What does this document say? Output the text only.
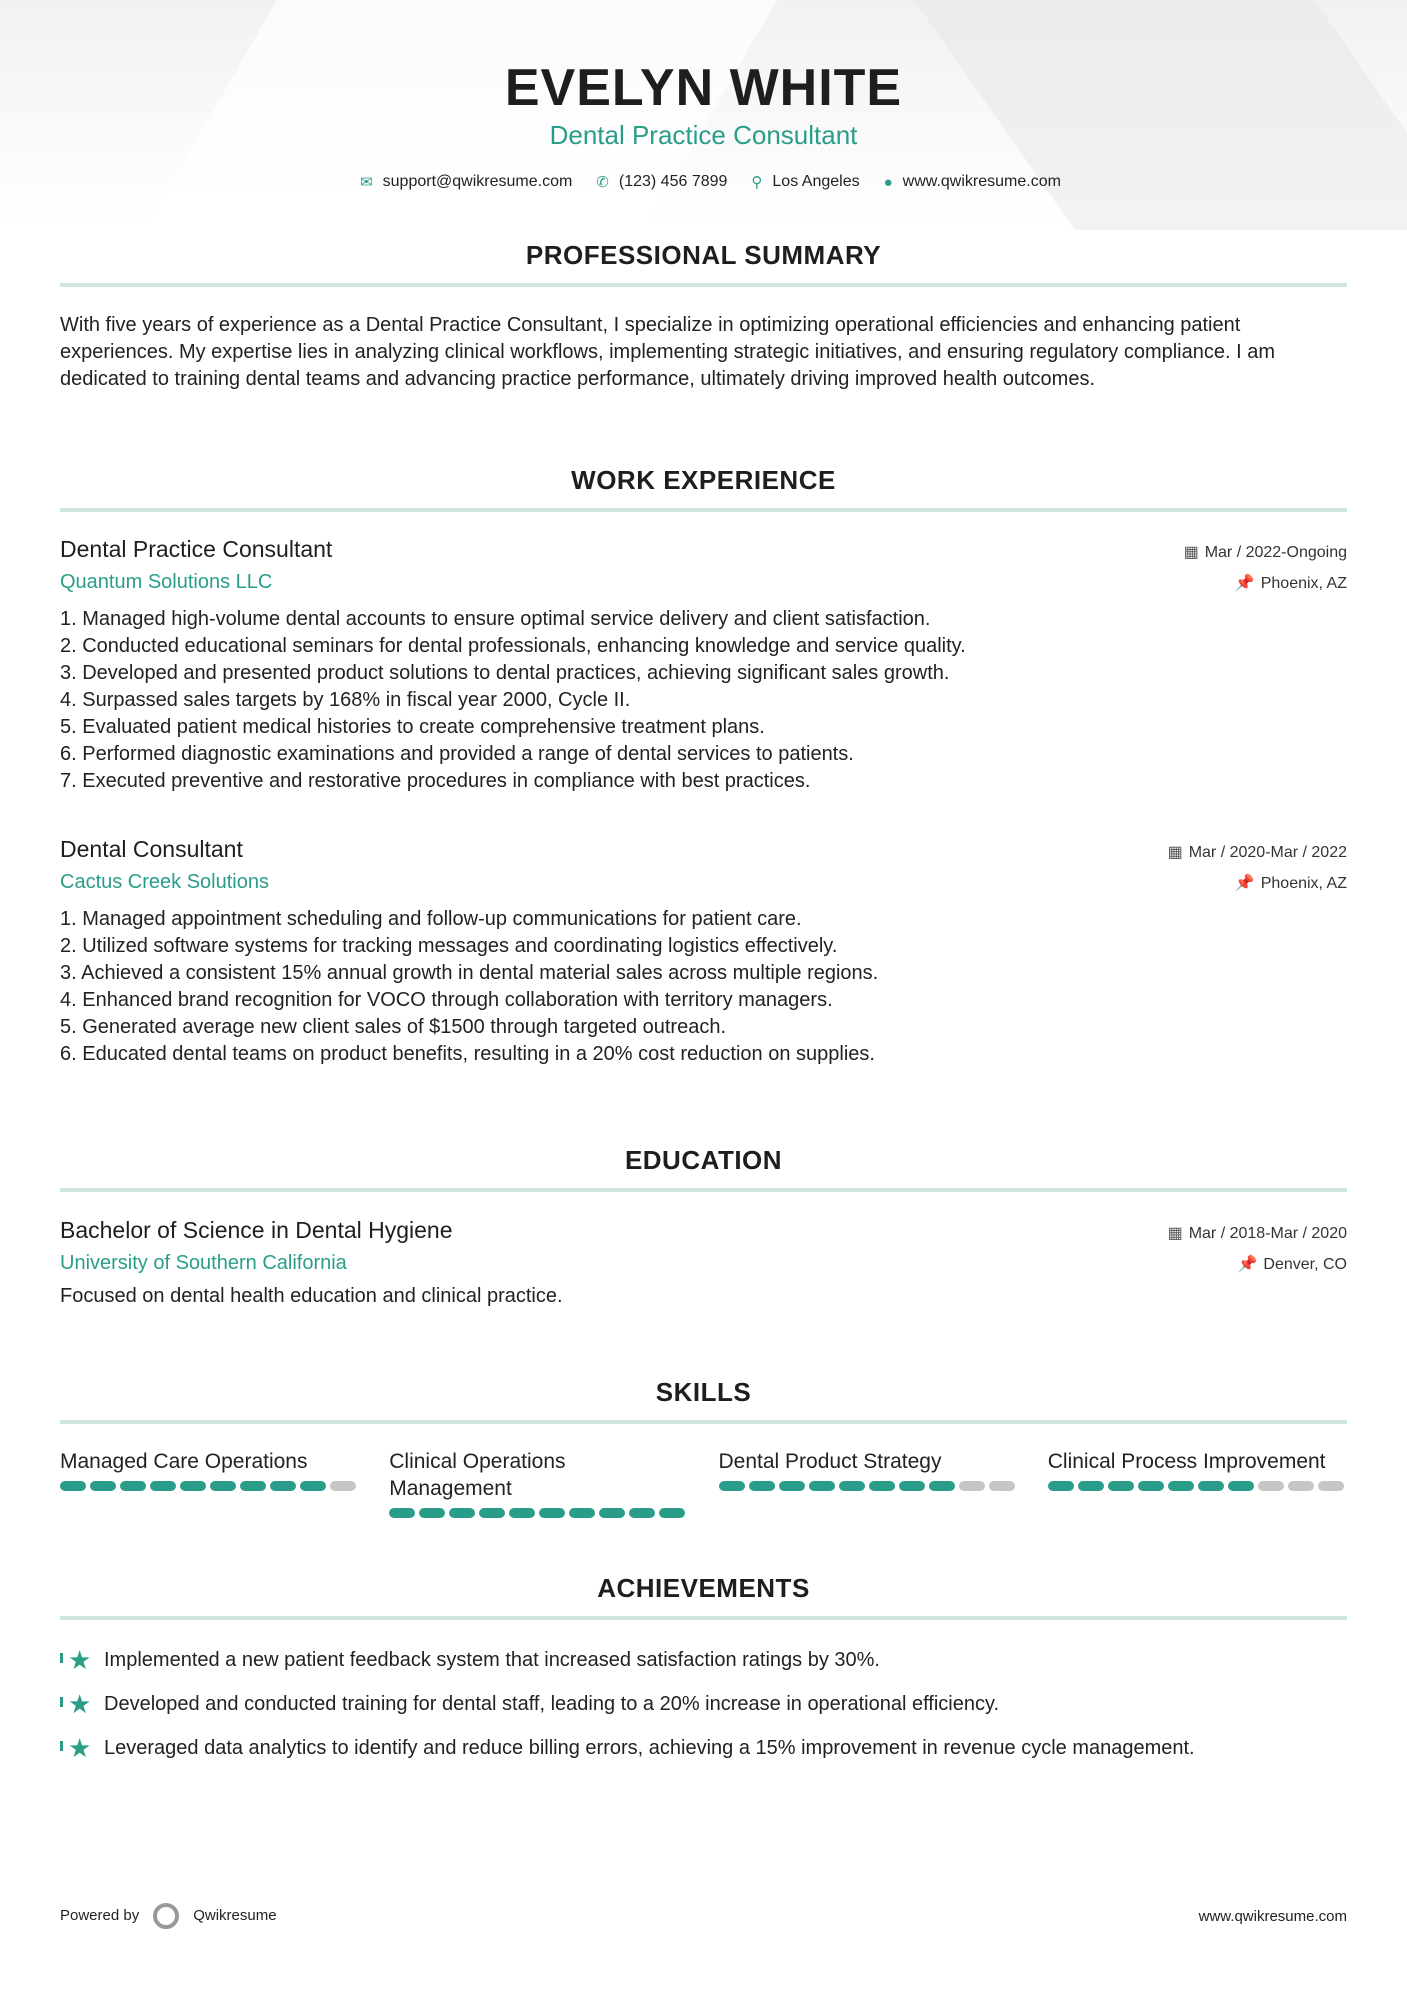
EVELYN WHITE
Dental Practice Consultant
✉ support@qwikresume.com ✆ (123) 456 7899 ⚲ Los Angeles ● www.qwikresume.com
PROFESSIONAL SUMMARY

With five years of experience as a Dental Practice Consultant, I specialize in optimizing operational efficiencies and enhancing patient experiences. My expertise lies in analyzing clinical workflows, implementing strategic initiatives, and ensuring regulatory compliance. I am dedicated to training dental teams and advancing practice performance, ultimately driving improved health outcomes.

WORK EXPERIENCE
Dental Practice Consultant	▦ Mar / 2022-Ongoing
Quantum Solutions LLC	📌 Phoenix, AZ
1. Managed high-volume dental accounts to ensure optimal service delivery and client satisfaction.
2. Conducted educational seminars for dental professionals, enhancing knowledge and service quality.
3. Developed and presented product solutions to dental practices, achieving significant sales growth.
4. Surpassed sales targets by 168% in fiscal year 2000, Cycle II.
5. Evaluated patient medical histories to create comprehensive treatment plans.
6. Performed diagnostic examinations and provided a range of dental services to patients.
7. Executed preventive and restorative procedures in compliance with best practices.
Dental Consultant	▦ Mar / 2020-Mar / 2022
Cactus Creek Solutions	📌 Phoenix, AZ
1. Managed appointment scheduling and follow-up communications for patient care.
2. Utilized software systems for tracking messages and coordinating logistics effectively.
3. Achieved a consistent 15% annual growth in dental material sales across multiple regions.
4. Enhanced brand recognition for VOCO through collaboration with territory managers.
5. Generated average new client sales of $1500 through targeted outreach.
6. Educated dental teams on product benefits, resulting in a 20% cost reduction on supplies.
EDUCATION
Bachelor of Science in Dental Hygiene	▦ Mar / 2018-Mar / 2020
University of Southern California	📌 Denver, CO

Focused on dental health education and clinical practice.

SKILLS
Managed Care Operations	Clinical Operations Management
Dental Product Strategy	Clinical Process Improvement
ACHIEVEMENTS
★ Implemented a new patient feedback system that increased satisfaction ratings by 30%.
★ Developed and conducted training for dental staff, leading to a 20% increase in operational efficiency.
★ Leveraged data analytics to identify and reduce billing errors, achieving a 15% improvement in revenue cycle management.
Powered by	Qwikresume	www.qwikresume.com
